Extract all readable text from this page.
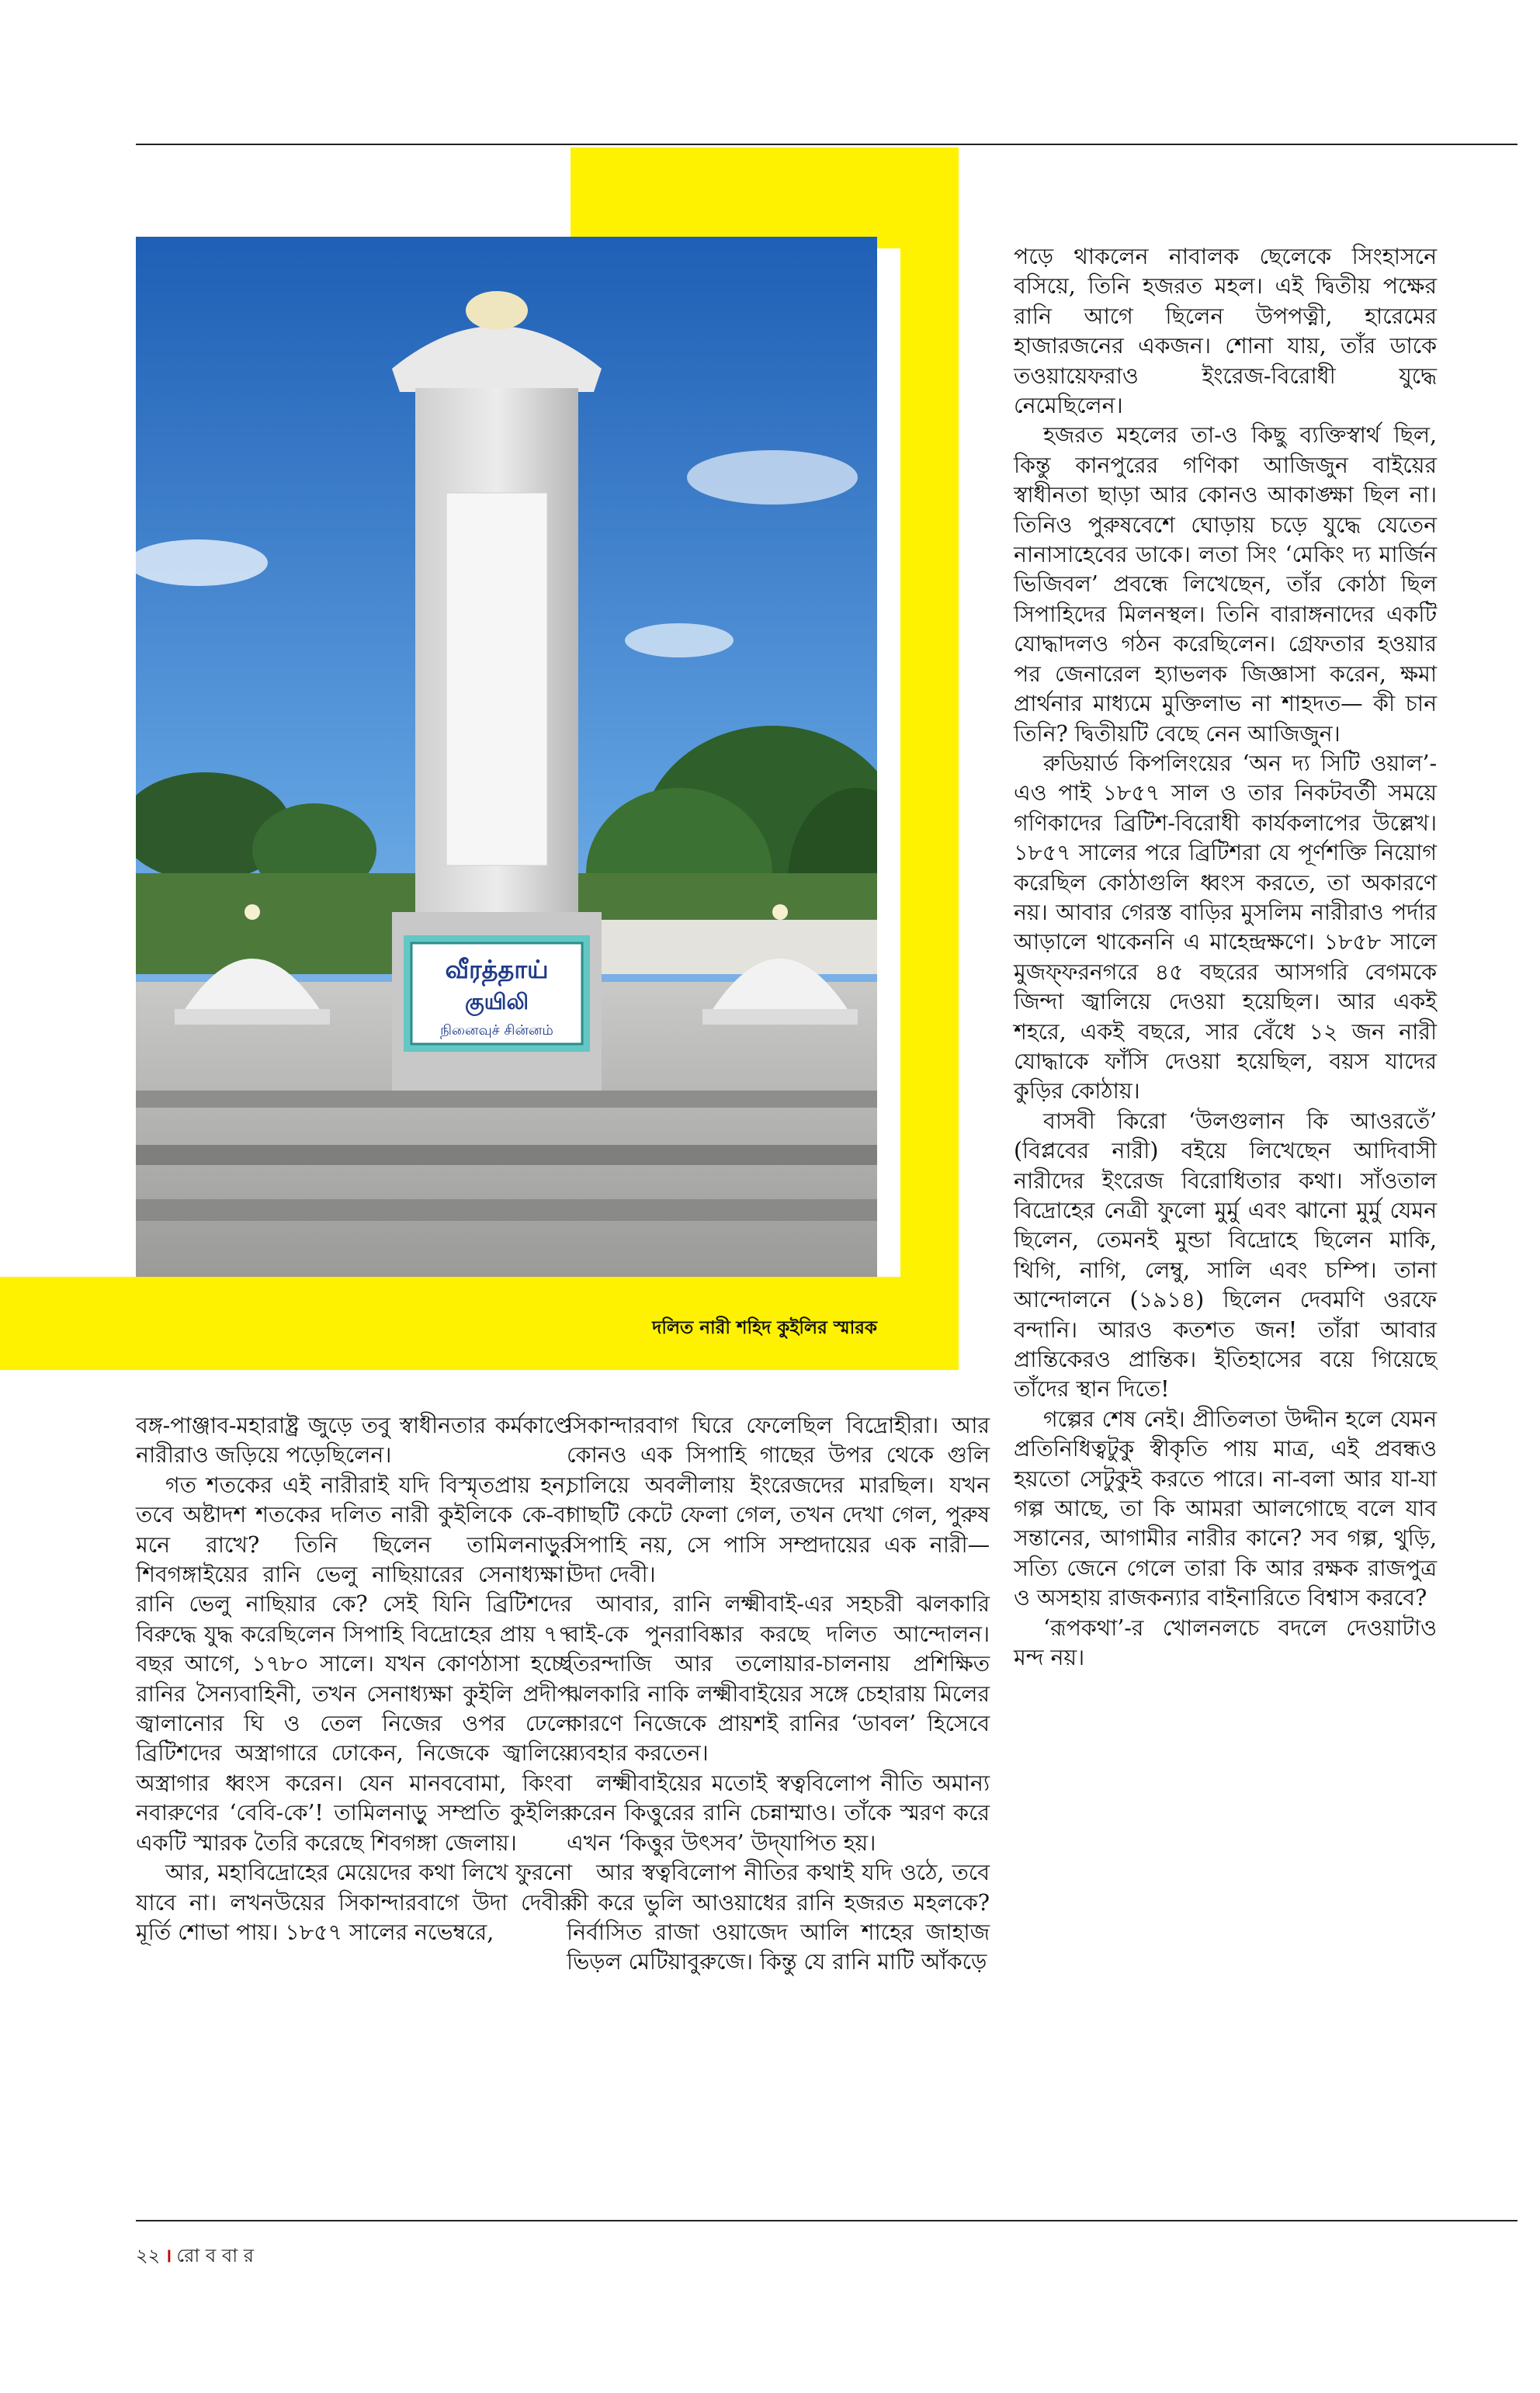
வீரத்தாய்
குயிலி
நினைவுச் சின்னம்
দলিত নারী শহিদ কুইলির স্মারক

বঙ্গ-পাঞ্জাব-মহারাষ্ট্র জুড়ে তবু স্বাধীনতার কর্মকাণ্ডে নারীরাও জড়িয়ে পড়েছিলেন।

গত শতকের এই নারীরাই যদি বিস্মৃতপ্রায় হন, তবে অষ্টাদশ শতকের দলিত নারী কুইলিকে কে-বা মনে রাখে? তিনি ছিলেন তামিলনাড়ুর শিবগঙ্গাইয়ের রানি ভেলু নাছিয়ারের সেনাধ্যক্ষা। রানি ভেলু নাছিয়ার কে? সেই যিনি ব্রিটিশদের বিরুদ্ধে যুদ্ধ করেছিলেন সিপাহি বিদ্রোহের প্রায় ৭৭ বছর আগে, ১৭৮০ সালে। যখন কোণঠাসা হচ্ছে রানির সৈন্যবাহিনী, তখন সেনাধ্যক্ষা কুইলি প্রদীপ জ্বালানোর ঘি ও তেল নিজের ওপর ঢেলে ব্রিটিশদের অস্ত্রাগারে ঢোকেন, নিজেকে জ্বালিয়ে অস্ত্রাগার ধ্বংস করেন। যেন মানববোমা, কিংবা নবারুণের ‘বেবি-কে’! তামিলনাড়ু সম্প্রতি কুইলির একটি স্মারক তৈরি করেছে শিবগঙ্গা জেলায়।

আর, মহাবিদ্রোহের মেয়েদের কথা লিখে ফুরনো যাবে না। লখনউয়ের সিকান্দারবাগে উদা দেবীর মূর্তি শোভা পায়। ১৮৫৭ সালের নভেম্বরে,

সিকান্দারবাগ ঘিরে ফেলেছিল বিদ্রোহীরা। আর কোনও এক সিপাহি গাছের উপর থেকে গুলি চালিয়ে অবলীলায় ইংরেজদের মারছিল। যখন গাছটি কেটে ফেলা গেল, তখন দেখা গেল, পুরুষ সিপাহি নয়, সে পাসি সম্প্রদায়ের এক নারী— উদা দেবী।

আবার, রানি লক্ষ্মীবাই-এর সহচরী ঝলকারি বাই-কে পুনরাবিষ্কার করছে দলিত আন্দোলন। তিরন্দাজি আর তলোয়ার-চালনায় প্রশিক্ষিত ঝলকারি নাকি লক্ষ্মীবাইয়ের সঙ্গে চেহারায় মিলের কারণে নিজেকে প্রায়শই রানির ‘ডাবল’ হিসেবে ব্যবহার করতেন।

লক্ষ্মীবাইয়ের মতোই স্বত্ববিলোপ নীতি অমান্য করেন কিত্তুরের রানি চেন্নাম্মাও। তাঁকে স্মরণ করে এখন ‘কিত্তুর উৎসব’ উদ্‌যাপিত হয়।

আর স্বত্ববিলোপ নীতির কথাই যদি ওঠে, তবে কী করে ভুলি আওয়াধের রানি হজরত মহলকে? নির্বাসিত রাজা ওয়াজেদ আলি শাহের জাহাজ ভিড়ল মেটিয়াবুরুজে। কিন্তু যে রানি মাটি আঁকড়ে

পড়ে থাকলেন নাবালক ছেলেকে সিংহাসনে বসিয়ে, তিনি হজরত মহল। এই দ্বিতীয় পক্ষের রানি আগে ছিলেন উপপত্নী, হারেমের হাজারজনের একজন। শোনা যায়, তাঁর ডাকে তওয়ায়েফরাও ইংরেজ-বিরোধী যুদ্ধে নেমেছিলেন।

হজরত মহলের তা-ও কিছু ব্যক্তিস্বার্থ ছিল, কিন্তু কানপুরের গণিকা আজিজুন বাইয়ের স্বাধীনতা ছাড়া আর কোনও আকাঙ্ক্ষা ছিল না। তিনিও পুরুষবেশে ঘোড়ায় চড়ে যুদ্ধে যেতেন নানাসাহেবের ডাকে। লতা সিং ‘মেকিং দ্য মার্জিন ভিজিবল’ প্রবন্ধে লিখেছেন, তাঁর কোঠা ছিল সিপাহিদের মিলনস্থল। তিনি বারাঙ্গনাদের একটি যোদ্ধাদলও গঠন করেছিলেন। গ্রেফতার হওয়ার পর জেনারেল হ্যাভলক জিজ্ঞাসা করেন, ক্ষমা প্রার্থনার মাধ্যমে মুক্তিলাভ না শাহদত— কী চান তিনি? দ্বিতীয়টি বেছে নেন আজিজুন।

রুডিয়ার্ড কিপলিংয়ের ‘অন দ্য সিটি ওয়াল’-এও পাই ১৮৫৭ সাল ও তার নিকটবর্তী সময়ে গণিকাদের ব্রিটিশ-বিরোধী কার্যকলাপের উল্লেখ। ১৮৫৭ সালের পরে ব্রিটিশরা যে পূর্ণশক্তি নিয়োগ করেছিল কোঠাগুলি ধ্বংস করতে, তা অকারণে নয়। আবার গেরস্ত বাড়ির মুসলিম নারীরাও পর্দার আড়ালে থাকেননি এ মাহেন্দ্রক্ষণে। ১৮৫৮ সালে মুজফ্‌ফরনগরে ৪৫ বছরের আসগরি বেগমকে জিন্দা জ্বালিয়ে দেওয়া হয়েছিল। আর একই শহরে, একই বছরে, সার বেঁধে ১২ জন নারী যোদ্ধাকে ফাঁসি দেওয়া হয়েছিল, বয়স যাদের কুড়ির কোঠায়।

বাসবী কিরো ‘উলগুলান কি আওরতেঁ’ (বিপ্লবের নারী) বইয়ে লিখেছেন আদিবাসী নারীদের ইংরেজ বিরোধিতার কথা। সাঁওতাল বিদ্রোহের নেত্রী ফুলো মুর্মু এবং ঝানো মুর্মু যেমন ছিলেন, তেমনই মুন্ডা বিদ্রোহে ছিলেন মাকি, থিগি, নাগি, লেম্বু, সালি এবং চম্পি। তানা আন্দোলনে (১৯১৪) ছিলেন দেবমণি ওরফে বন্দানি। আরও কতশত জন! তাঁরা আবার প্রান্তিকেরও প্রান্তিক। ইতিহাসের বয়ে গিয়েছে তাঁদের স্থান দিতে!

গল্পের শেষ নেই। প্রীতিলতা উদ্দীন হলে যেমন প্রতিনিধিত্বটুকু স্বীকৃতি পায় মাত্র, এই প্রবন্ধও হয়তো সেটুকুই করতে পারে। না-বলা আর যা-যা গল্প আছে, তা কি আমরা আলগোছে বলে যাব সন্তানের, আগামীর নারীর কানে? সব গল্প, থুড়ি, সত্যি জেনে গেলে তারা কি আর রক্ষক রাজপুত্র ও অসহায় রাজকন্যার বাইনারিতে বিশ্বাস করবে?

‘রূপকথা’-র খোলনলচে বদলে দেওয়াটাও মন্দ নয়।

২২ । রো ব বা র
